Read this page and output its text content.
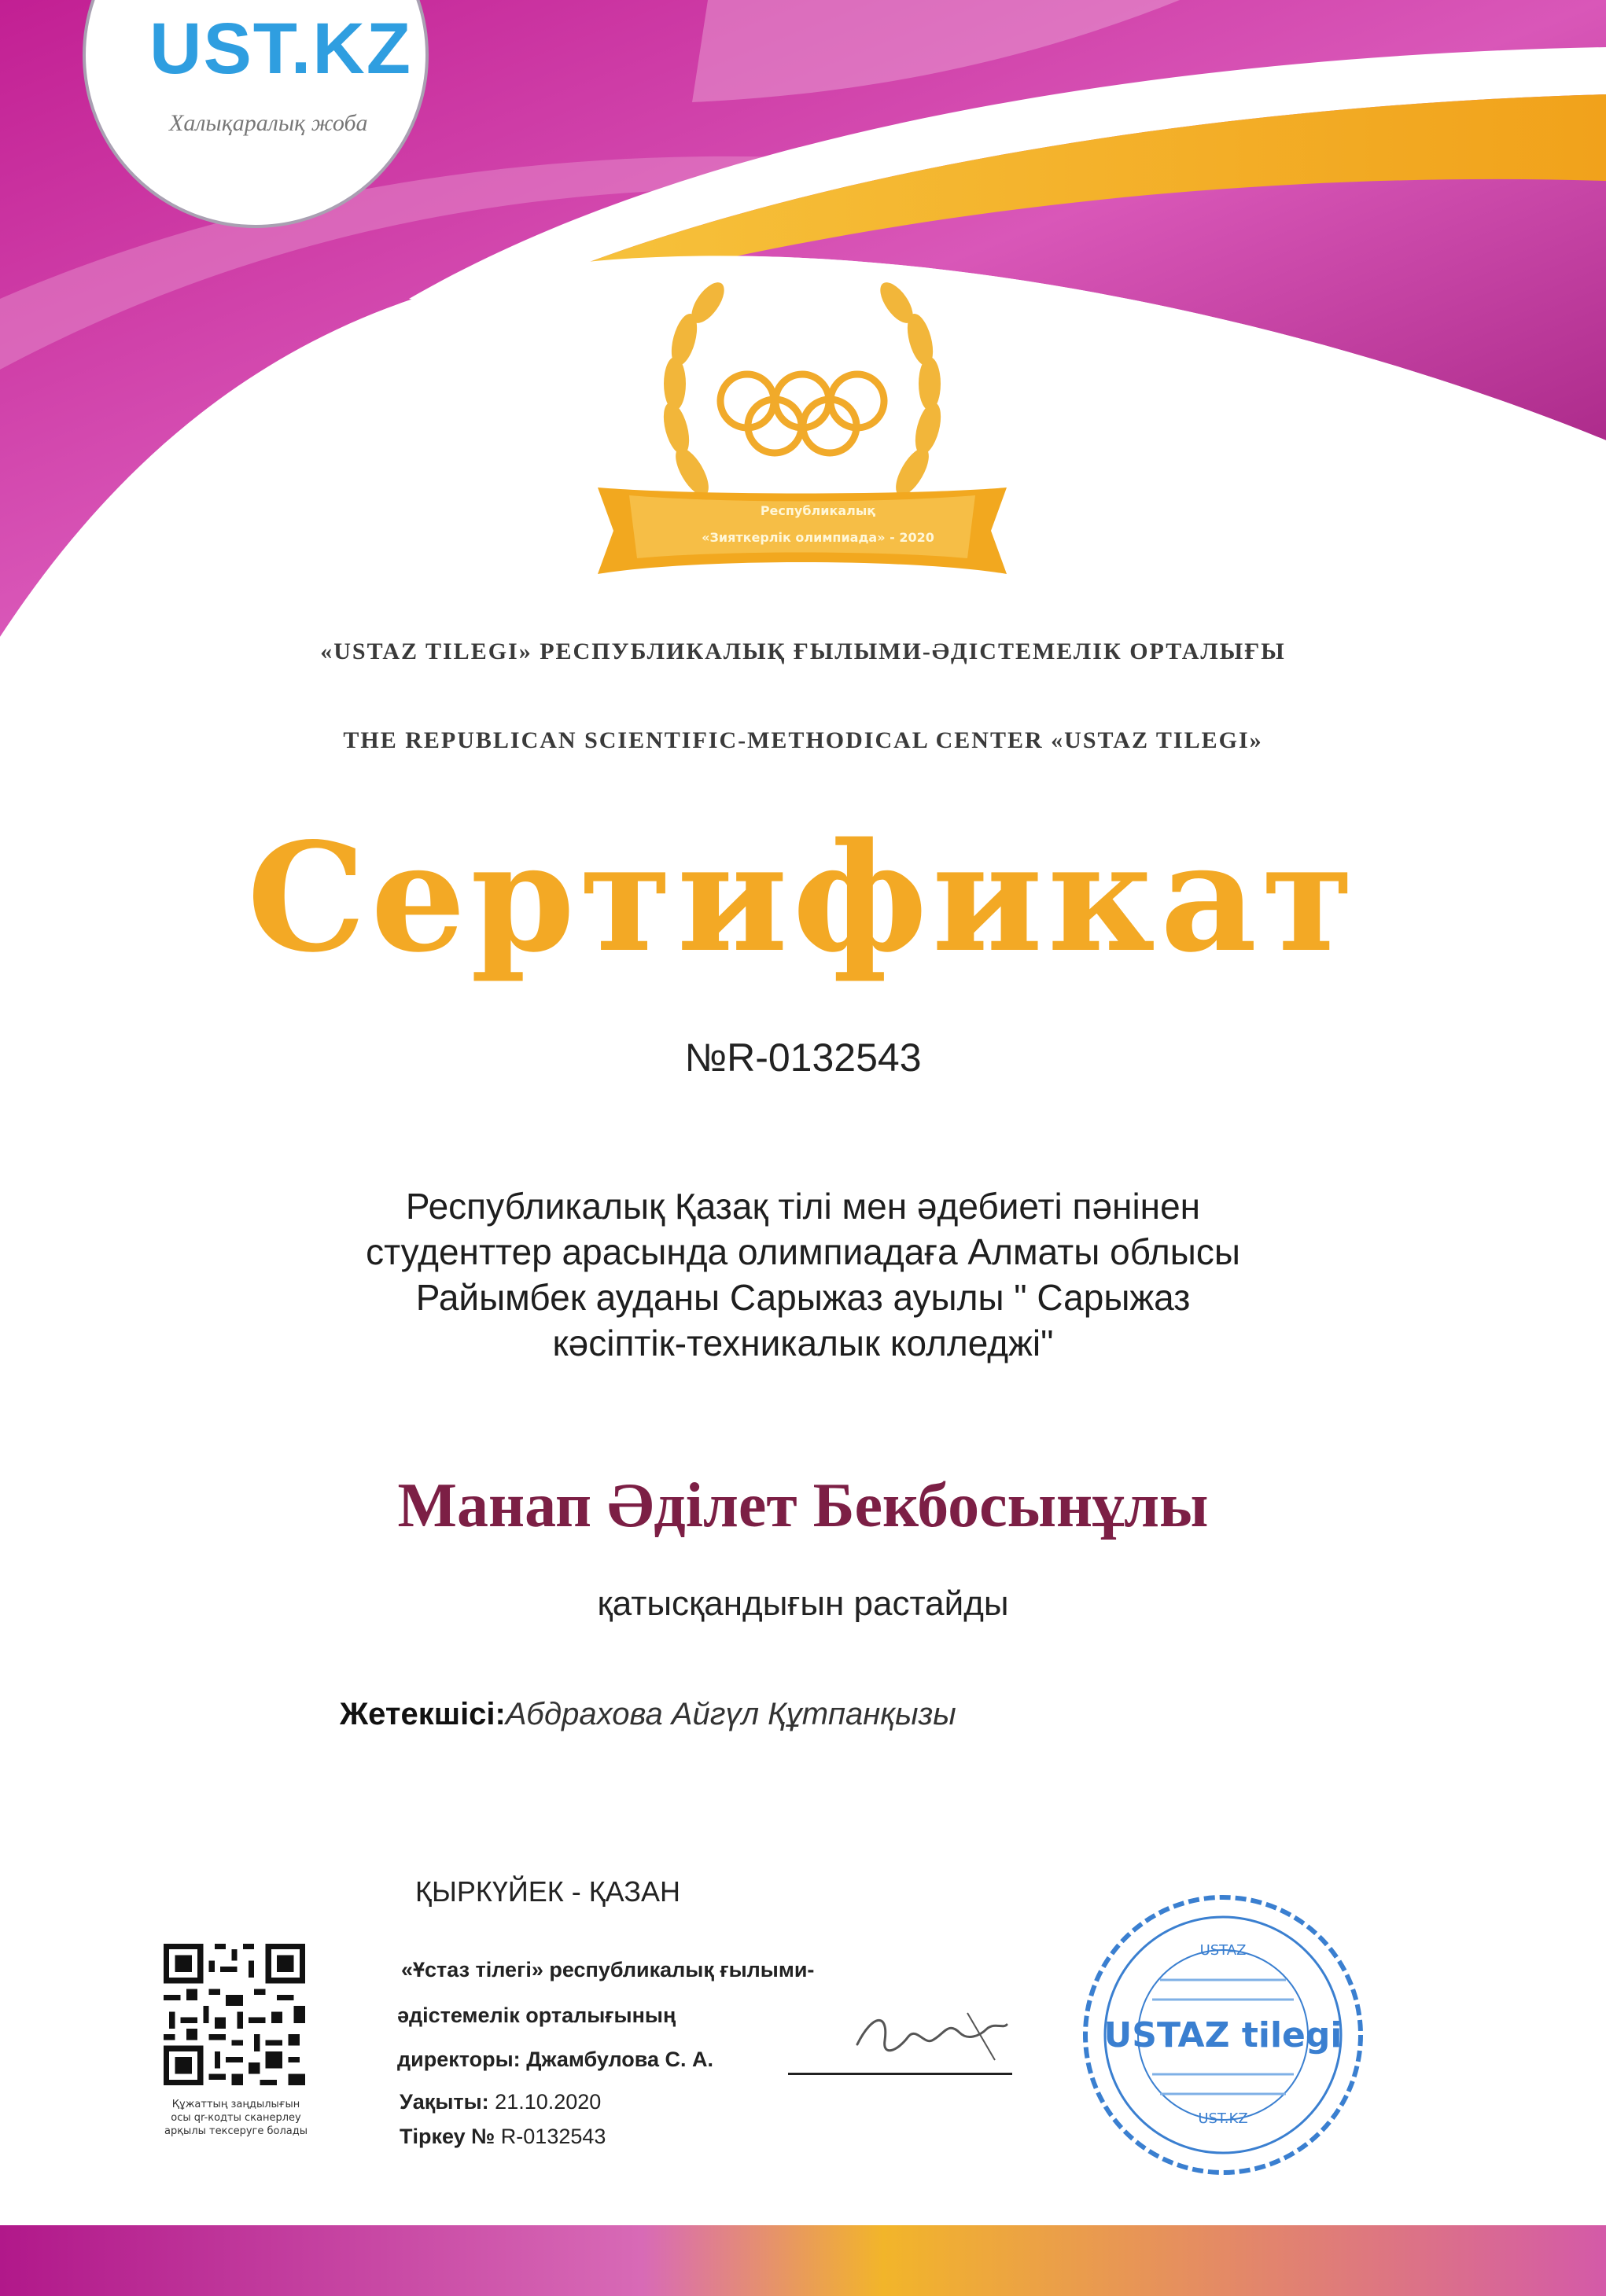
UST.KZ
Халықаралық жоба
Республикалық
«Зияткерлік олимпиада» - 2020
«USTAZ TILEGI» РЕСПУБЛИКАЛЫҚ ҒЫЛЫМИ-ӘДІСТЕМЕЛІК ОРТАЛЫҒЫ
THE REPUBLICAN SCIENTIFIC-METHODICAL CENTER «USTAZ TILEGI»
Сертификат
№R-0132543
Республикалық Қазақ тілі мен әдебиеті пәнінен
студенттер арасында олимпиадаға Алматы облысы
Райымбек ауданы Сарыжаз ауылы " Сарыжаз
кәсіптік-техникалык колледжі"
Манап Әділет Бекбосынұлы
қатысқандығын растайды
Жетекшісі:Абдрахова Айгүл Құтпанқызы
ҚЫРКҮЙЕК - ҚАЗАН
Құжаттың заңдылығын
осы qr-кодты сканерлеу
арқылы тексеруге болады
«Ұстаз тілегі» республикалық ғылыми-
әдістемелік орталығының
директоры: Джамбулова С. А.
Уақыты: 21.10.2020
Тіркеу № R-0132543
USTAZ
USTAZ tilegi
UST.KZ
